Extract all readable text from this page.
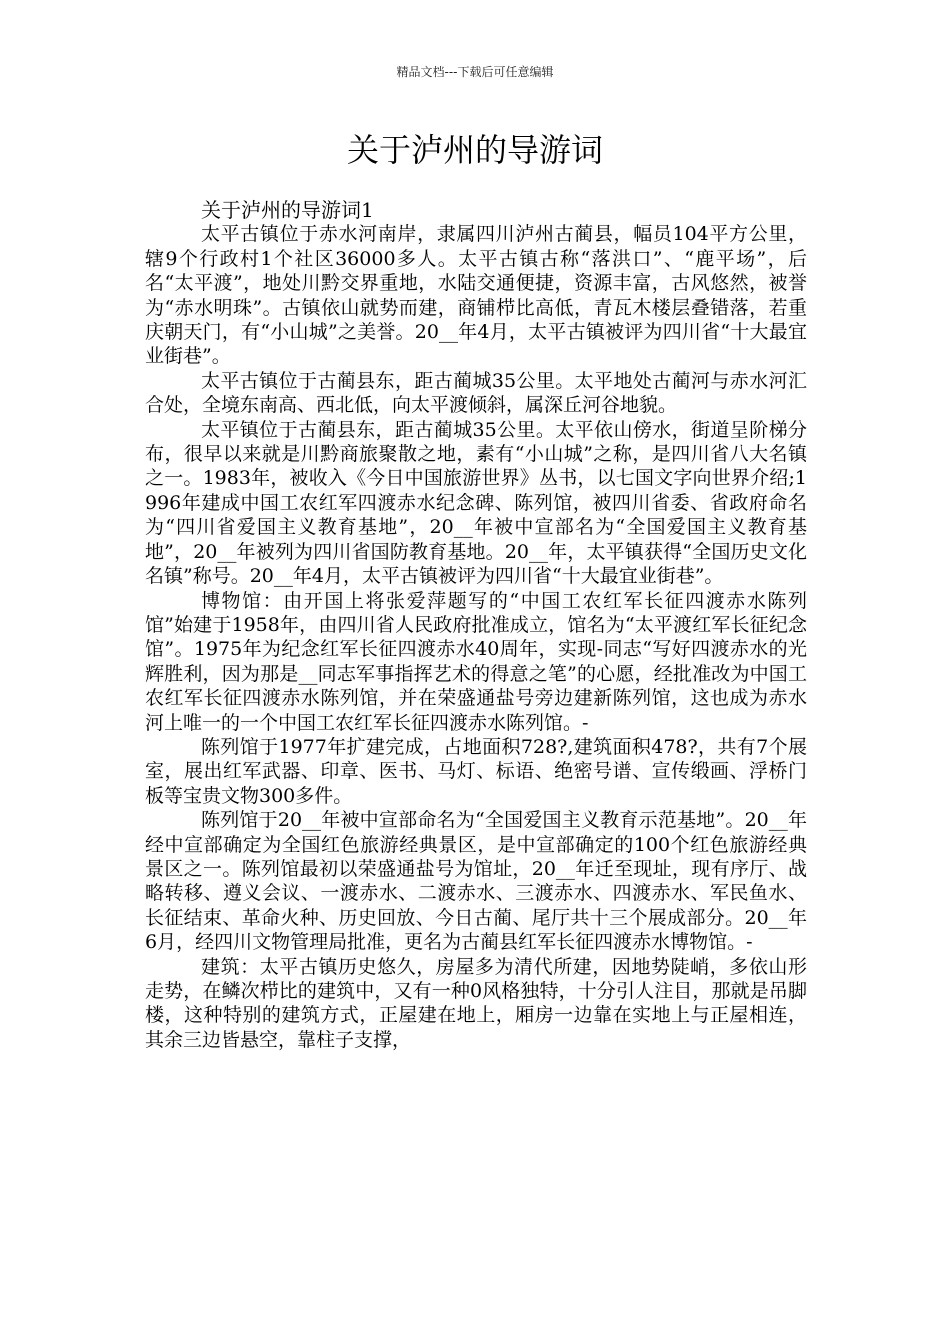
精品文档---下载后可任意编辑
关于泸州的导游词

关于泸州的导游词1

太平古镇位于赤水河南岸，隶属四川泸州古蔺县，幅员104平方公里，辖9个行政村1个社区36000多人。太平古镇古称“落洪口”、“鹿平场”，后名“太平渡”，地处川黔交界重地，水陆交通便捷，资源丰富，古风悠然，被誉为“赤水明珠”。古镇依山就势而建，商铺栉比高低，青瓦木楼层叠错落，若重庆朝天门，有“小山城”之美誉。20__年4月，太平古镇被评为四川省“十大最宜业街巷”。

太平古镇位于古蔺县东，距古蔺城35公里。太平地处古蔺河与赤水河汇合处，全境东南高、西北低，向太平渡倾斜，属深丘河谷地貌。

太平镇位于古蔺县东，距古蔺城35公里。太平依山傍水，街道呈阶梯分布，很早以来就是川黔商旅聚散之地，素有“小山城”之称，是四川省八大名镇之一。1983年，被收入《今日中国旅游世界》丛书，以七国文字向世界介绍;1996年建成中国工农红军四渡赤水纪念碑、陈列馆，被四川省委、省政府命名为“四川省爱国主义教育基地”，20__年被中宣部名为“全国爱国主义教育基地”，20__年被列为四川省国防教育基地。20__年，太平镇获得“全国历史文化名镇”称号。20__年4月，太平古镇被评为四川省“十大最宜业街巷”。

博物馆：由开国上将张爱萍题写的“中国工农红军长征四渡赤水陈列馆”始建于1958年，由四川省人民政府批准成立，馆名为“太平渡红军长征纪念馆”。1975年为纪念红军长征四渡赤水40周年，实现-同志“写好四渡赤水的光辉胜利，因为那是__同志军事指挥艺术的得意之笔”的心愿，经批准改为中国工农红军长征四渡赤水陈列馆，并在荣盛通盐号旁边建新陈列馆，这也成为赤水河上唯一的一个中国工农红军长征四渡赤水陈列馆。-

陈列馆于1977年扩建完成，占地面积728?,建筑面积478?，共有7个展室，展出红军武器、印章、医书、马灯、标语、绝密号谱、宣传缎画、浮桥门板等宝贵文物300多件。

陈列馆于20__年被中宣部命名为“全国爱国主义教育示范基地”。20__年经中宣部确定为全国红色旅游经典景区，是中宣部确定的100个红色旅游经典景区之一。陈列馆最初以荣盛通盐号为馆址，20__年迁至现址，现有序厅、战略转移、遵义会议、一渡赤水、二渡赤水、三渡赤水、四渡赤水、军民鱼水、长征结束、革命火种、历史回放、今日古蔺、尾厅共十三个展成部分。20__年6月，经四川文物管理局批准，更名为古蔺县红军长征四渡赤水博物馆。-

建筑：太平古镇历史悠久，房屋多为清代所建，因地势陡峭，多依山形走势，在鳞次栉比的建筑中，又有一种0风格独特，十分引人注目，那就是吊脚楼，这种特别的建筑方式，正屋建在地上，厢房一边靠在实地上与正屋相连，其余三边皆悬空，靠柱子支撑，
